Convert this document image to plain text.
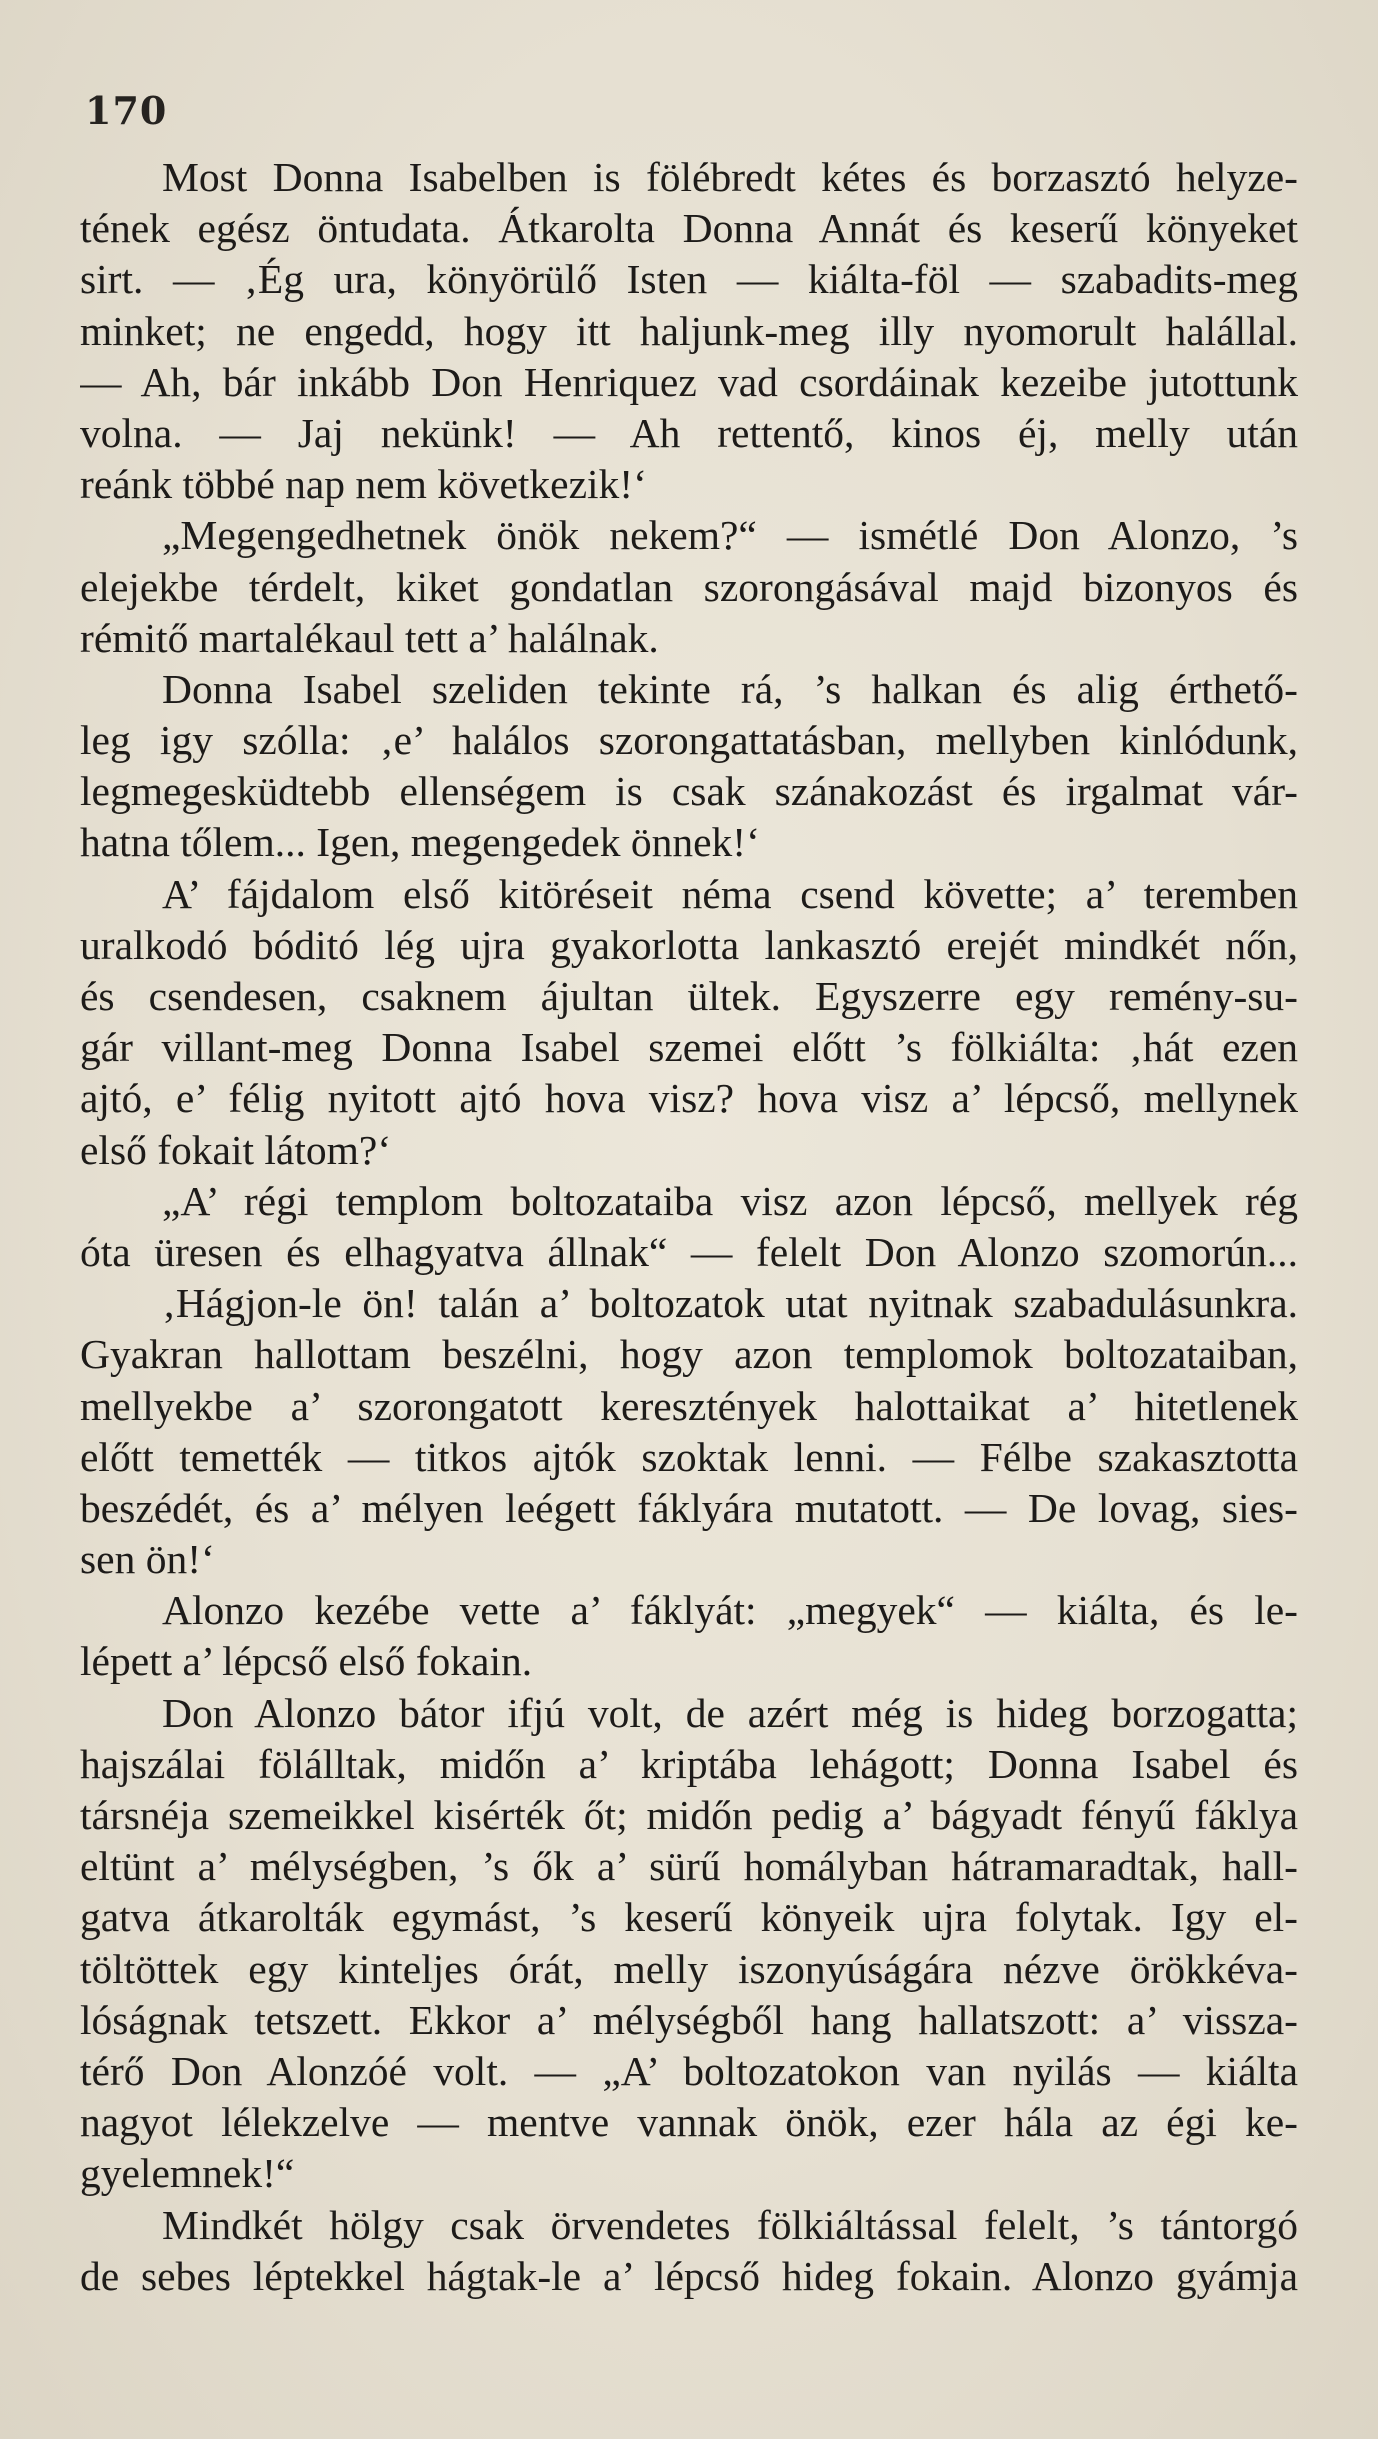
170
Most Donna Isabelben is fölébredt kétes és borzasztó helyze-
tének egész öntudata. Átkarolta Donna Annát és keserű könyeket
sirt. — ‚Ég ura, könyörülő Isten — kiálta-föl — szabadits-meg
minket; ne engedd, hogy itt haljunk-meg illy nyomorult halállal.
— Ah, bár inkább Don Henriquez vad csordáinak kezeibe jutottunk
volna. — Jaj nekünk! — Ah rettentő, kinos éj, melly után
reánk többé nap nem következik!‘
„Megengedhetnek önök nekem?“ — ismétlé Don Alonzo, ’s
elejekbe térdelt, kiket gondatlan szorongásával majd bizonyos és
rémitő martalékaul tett a’ halálnak.
Donna Isabel szeliden tekinte rá, ’s halkan és alig érthető-
leg igy szólla: ‚e’ halálos szorongattatásban, mellyben kinlódunk,
legmegesküdtebb ellenségem is csak szánakozást és irgalmat vár-
hatna tőlem... Igen, megengedek önnek!‘
A’ fájdalom első kitöréseit néma csend követte; a’ teremben
uralkodó bóditó lég ujra gyakorlotta lankasztó erejét mindkét nőn,
és csendesen, csaknem ájultan ültek. Egyszerre egy remény-su-
gár villant-meg Donna Isabel szemei előtt ’s fölkiálta: ‚hát ezen
ajtó, e’ félig nyitott ajtó hova visz? hova visz a’ lépcső, mellynek
első fokait látom?‘
„A’ régi templom boltozataiba visz azon lépcső, mellyek rég
óta üresen és elhagyatva állnak“ — felelt Don Alonzo szomorún...
‚Hágjon-le ön! talán a’ boltozatok utat nyitnak szabadulásunkra.
Gyakran hallottam beszélni, hogy azon templomok boltozataiban,
mellyekbe a’ szorongatott keresztények halottaikat a’ hitetlenek
előtt temették — titkos ajtók szoktak lenni. — Félbe szakasztotta
beszédét, és a’ mélyen leégett fáklyára mutatott. — De lovag, sies-
sen ön!‘
Alonzo kezébe vette a’ fáklyát: „megyek“ — kiálta, és le-
lépett a’ lépcső első fokain.
Don Alonzo bátor ifjú volt, de azért még is hideg borzogatta;
hajszálai fölálltak, midőn a’ kriptába lehágott; Donna Isabel és
társnéja szemeikkel kisérték őt; midőn pedig a’ bágyadt fényű fáklya
eltünt a’ mélységben, ’s ők a’ sürű homályban hátramaradtak, hall-
gatva átkarolták egymást, ’s keserű könyeik ujra folytak. Igy el-
töltöttek egy kinteljes órát, melly iszonyúságára nézve örökkéva-
lóságnak tetszett. Ekkor a’ mélységből hang hallatszott: a’ vissza-
térő Don Alonzóé volt. — „A’ boltozatokon van nyilás — kiálta
nagyot lélekzelve — mentve vannak önök, ezer hála az égi ke-
gyelemnek!“
Mindkét hölgy csak örvendetes fölkiáltással felelt, ’s tántorgó
de sebes léptekkel hágtak-le a’ lépcső hideg fokain. Alonzo gyámja
